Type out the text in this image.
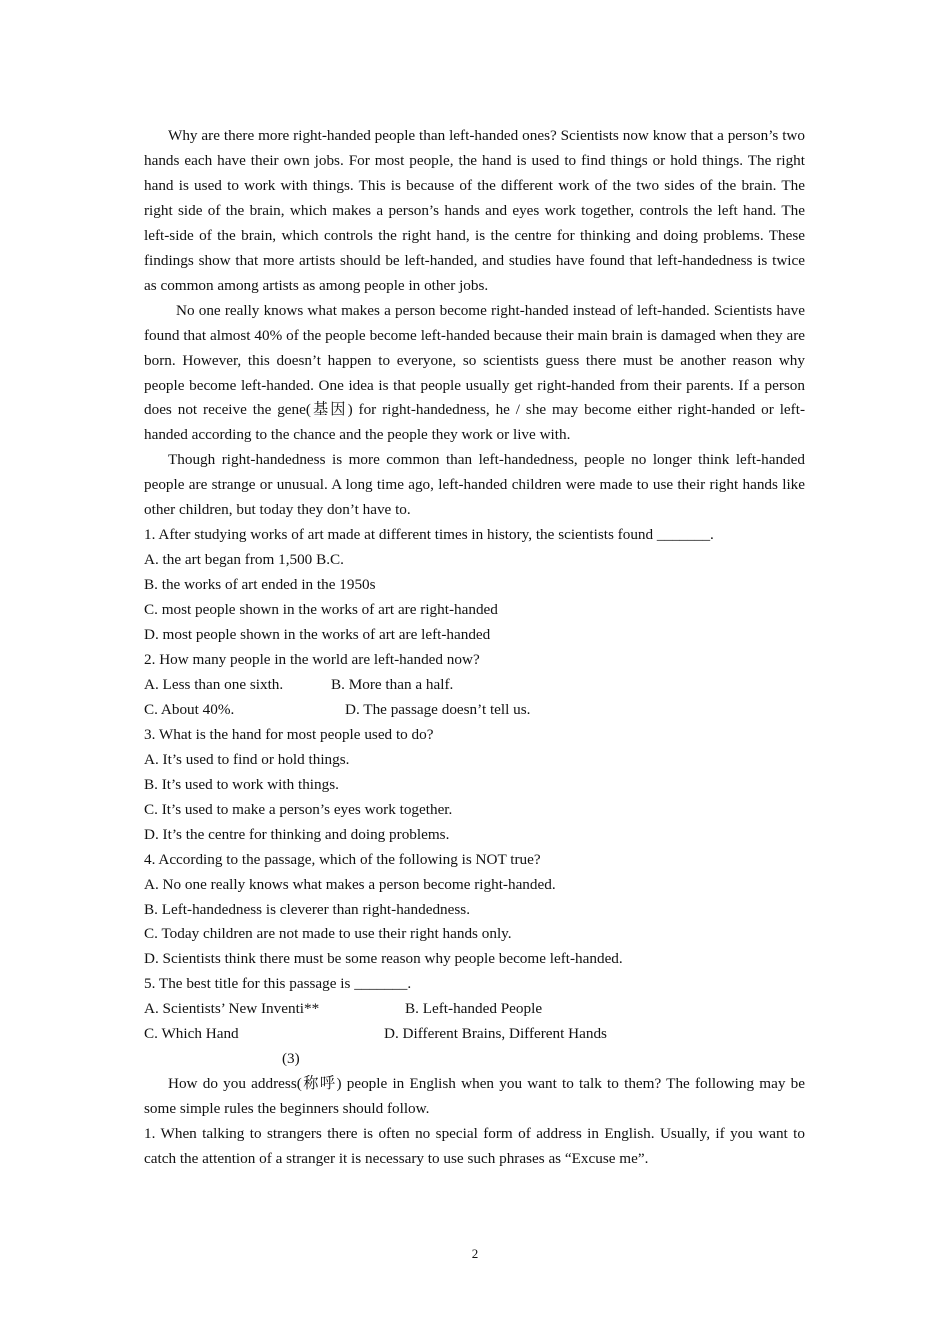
Why are there more right-handed people than left-handed ones? Scientists now know that a person’s two hands each have their own jobs. For most people, the hand is used to find things or hold things. The right hand is used to work with things. This is because of the different work of the two sides of the brain. The right side of the brain, which makes a person’s hands and eyes work together, controls the left hand. The left-side of the brain, which controls the right hand, is the centre for thinking and doing problems. These findings show that more artists should be left-handed, and studies have found that left-handedness is twice as common among artists as among people in other jobs.

No one really knows what makes a person become right-handed instead of left-handed. Scientists have found that almost 40% of the people become left-handed because their main brain is damaged when they are born. However, this doesn’t happen to everyone, so scientists guess there must be another reason why people become left-handed. One idea is that people usually get right-handed from their parents. If a person does not receive the gene(基因) for right-handedness, he / she may become either right-handed or left-handed according to the chance and the people they work or live with.

Though right-handedness is more common than left-handedness, people no longer think left-handed people are strange or unusual. A long time ago, left-handed children were made to use their right hands like other children, but today they don’t have to.

1. After studying works of art made at different times in history, the scientists found _______.

A. the art began from 1,500 B.C.

B. the works of art ended in the 1950s

C. most people shown in the works of art are right-handed

D. most people shown in the works of art are left-handed

2. How many people in the world are left-handed now?

A. Less than one sixth.	B. More than a half.
C. About 40%.	D. The passage doesn’t tell us.

3. What is the hand for most people used to do?

A. It’s used to find or hold things.

B. It’s used to work with things.

C. It’s used to make a person’s eyes work together.

D. It’s the centre for thinking and doing problems.

4. According to the passage, which of the following is NOT true?

A. No one really knows what makes a person become right-handed.

B. Left-handedness is cleverer than right-handedness.

C. Today children are not made to use their right hands only.

D. Scientists think there must be some reason why people become left-handed.

5. The best title for this passage is _______.

A. Scientists’ New Inventi**	B. Left-handed People
C. Which Hand	D. Different Brains, Different Hands

(3)

How do you address(称呼) people in English when you want to talk to them? The following may be some simple rules the beginners should follow.

1. When talking to strangers there is often no special form of address in English. Usually, if you want to catch the attention of a stranger it is necessary to use such phrases as “Excuse me”.

2
